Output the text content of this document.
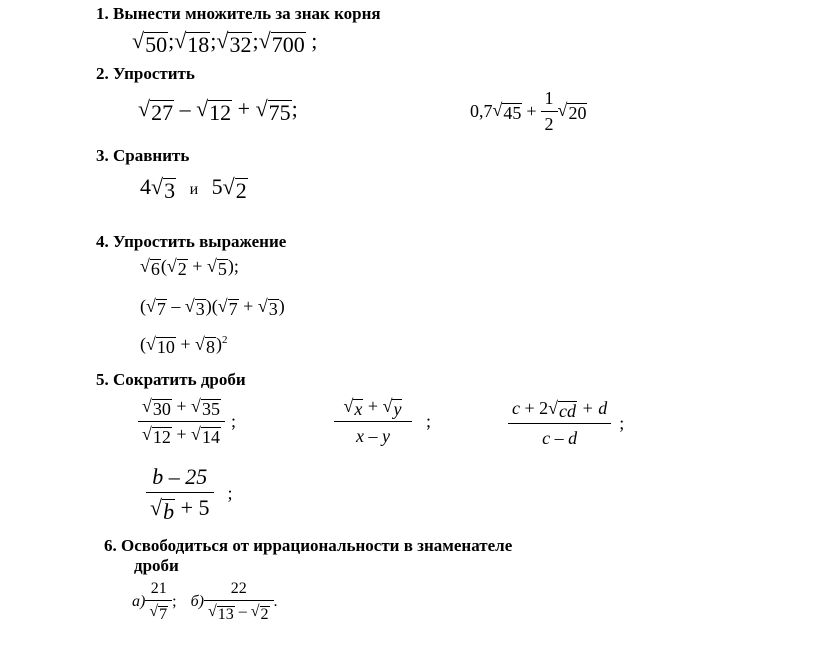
1. Вынести множитель за знак корня
√ 50 ; √ 18 ; √ 32 ; √ 700 ;
2. Упростить
√ 27 – √ 12 + √ 75 ;	0,7 √ $45 + \frac{1}{2}$ √ 20
3. Сравнить
4 √ 3 и 5 √ 2
4. Упростить выражение
√ 6 ( √ 2 + √ 5 );
( √ 7 – √ 3 )( √ 7 + √ 3 )
( √ 10 + √ 8 )$^2$
5. Сократить дроби
$\frac{√ 30 + √ 35}{√ 12 + √ 14}$ ;	$\frac{√ x + √ y}{x - y}$ ;	$\frac{c + 2 √ cd + d}{c - d}$ ;
$\frac{b - 25}{√ b + 5}$ ;
6. Освободиться от иррациональности в знаменателе
дроби
$а) \frac{21}{√ 7}$ ; $б) \frac{22}{√ 13 - √ 2}$ .
